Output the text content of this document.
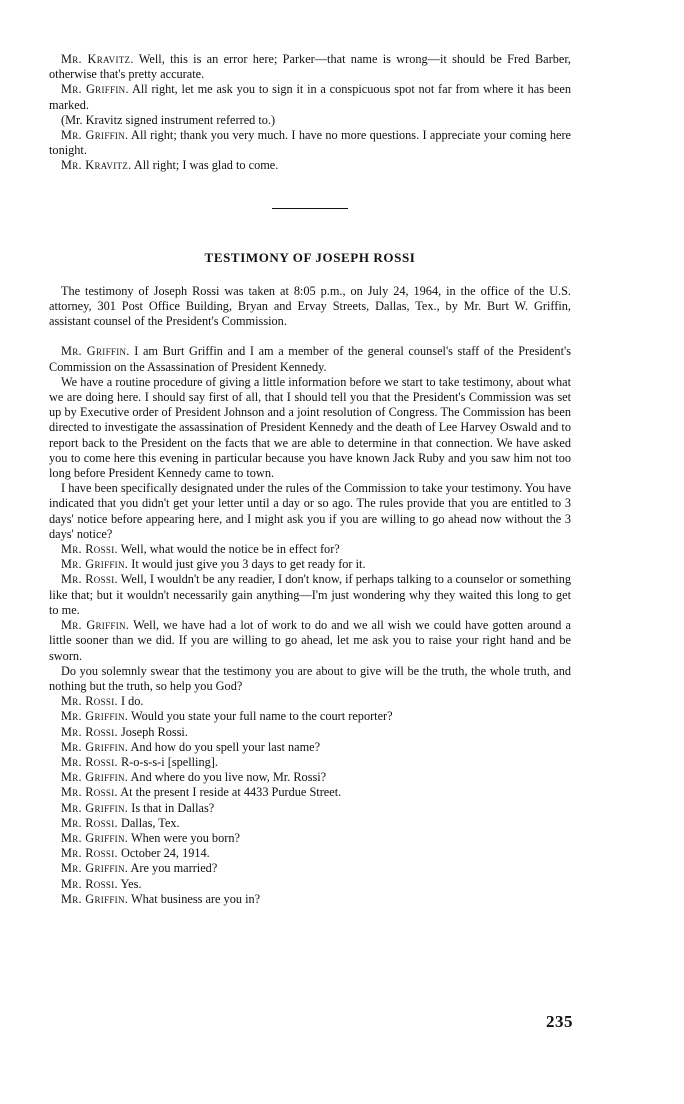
Mr. Kravitz. Well, this is an error here; Parker—that name is wrong—it should be Fred Barber, otherwise that's pretty accurate.

Mr. Griffin. All right, let me ask you to sign it in a conspicuous spot not far from where it has been marked.

(Mr. Kravitz signed instrument referred to.)

Mr. Griffin. All right; thank you very much. I have no more questions. I appreciate your coming here tonight.

Mr. Kravitz. All right; I was glad to come.

TESTIMONY OF JOSEPH ROSSI

The testimony of Joseph Rossi was taken at 8:05 p.m., on July 24, 1964, in the office of the U.S. attorney, 301 Post Office Building, Bryan and Ervay Streets, Dallas, Tex., by Mr. Burt W. Griffin, assistant counsel of the President's Commission.

Mr. Griffin. I am Burt Griffin and I am a member of the general counsel's staff of the President's Commission on the Assassination of President Kennedy.

We have a routine procedure of giving a little information before we start to take testimony, about what we are doing here. I should say first of all, that I should tell you that the President's Commission was set up by Executive order of President Johnson and a joint resolution of Congress. The Commission has been directed to investigate the assassination of President Kennedy and the death of Lee Harvey Oswald and to report back to the President on the facts that we are able to determine in that connection. We have asked you to come here this evening in particular because you have known Jack Ruby and you saw him not too long before President Kennedy came to town.

I have been specifically designated under the rules of the Commission to take your testimony. You have indicated that you didn't get your letter until a day or so ago. The rules provide that you are entitled to 3 days' notice before appearing here, and I might ask you if you are willing to go ahead now without the 3 days' notice?

Mr. Rossi. Well, what would the notice be in effect for?

Mr. Griffin. It would just give you 3 days to get ready for it.

Mr. Rossi. Well, I wouldn't be any readier, I don't know, if perhaps talking to a counselor or something like that; but it wouldn't necessarily gain anything—I'm just wondering why they waited this long to get to me.

Mr. Griffin. Well, we have had a lot of work to do and we all wish we could have gotten around a little sooner than we did. If you are willing to go ahead, let me ask you to raise your right hand and be sworn.

Do you solemnly swear that the testimony you are about to give will be the truth, the whole truth, and nothing but the truth, so help you God?

Mr. Rossi. I do.

Mr. Griffin. Would you state your full name to the court reporter?

Mr. Rossi. Joseph Rossi.

Mr. Griffin. And how do you spell your last name?

Mr. Rossi. R-o-s-s-i [spelling].

Mr. Griffin. And where do you live now, Mr. Rossi?

Mr. Rossi. At the present I reside at 4433 Purdue Street.

Mr. Griffin. Is that in Dallas?

Mr. Rossi. Dallas, Tex.

Mr. Griffin. When were you born?

Mr. Rossi. October 24, 1914.

Mr. Griffin. Are you married?

Mr. Rossi. Yes.

Mr. Griffin. What business are you in?

235
